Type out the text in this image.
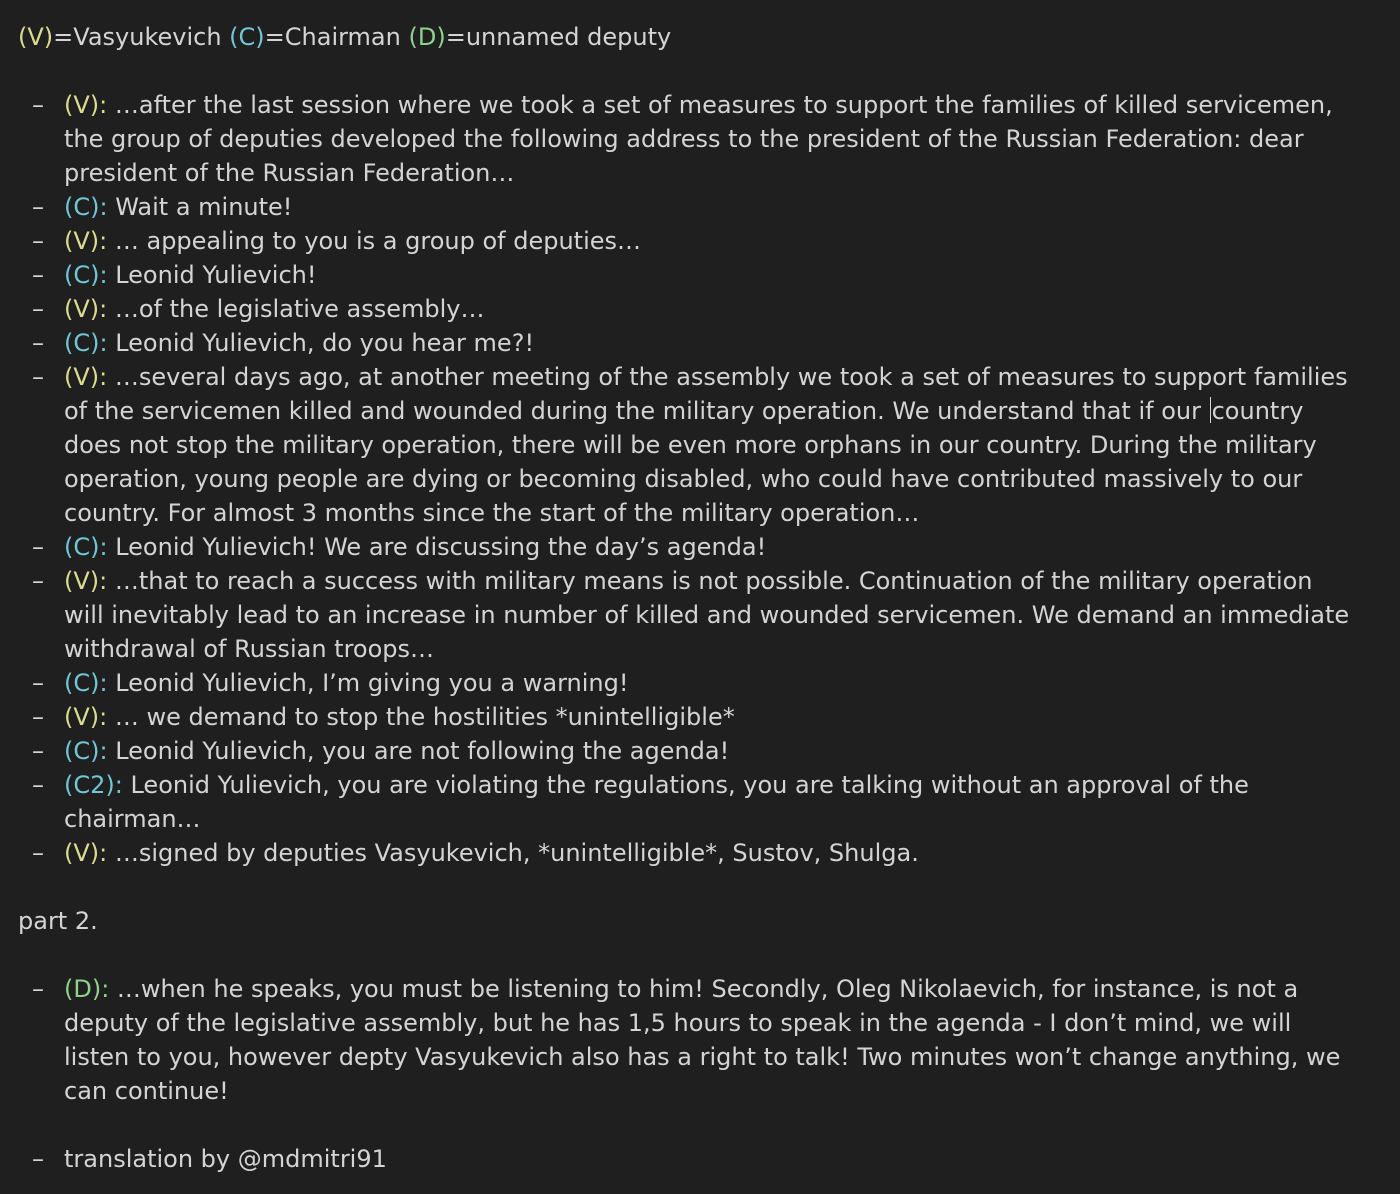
(V)=Vasyukevich (C)=Chairman (D)=unnamed deputy
– (V): …after the last session where we took a set of measures to support the families of killed servicemen, the group of deputies developed the following address to the president of the Russian Federation: dear president of the Russian Federation…
– (C): Wait a minute!
– (V): … appealing to you is a group of deputies…
– (C): Leonid Yulievich!
– (V): …of the legislative assembly…
– (C): Leonid Yulievich, do you hear me?!
– (V): …several days ago, at another meeting of the assembly we took a set of measures to support families of the servicemen killed and wounded during the military operation. We understand that if our country does not stop the military operation, there will be even more orphans in our country. During the military operation, young people are dying or becoming disabled, who could have contributed massively to our country. For almost 3 months since the start of the military operation…
– (C): Leonid Yulievich! We are discussing the day’s agenda!
– (V): …that to reach a success with military means is not possible. Continuation of the military operation will inevitably lead to an increase in number of killed and wounded servicemen. We demand an immediate withdrawal of Russian troops…
– (C): Leonid Yulievich, I’m giving you a warning!
– (V): … we demand to stop the hostilities *unintelligible*
– (C): Leonid Yulievich, you are not following the agenda!
– (C2): Leonid Yulievich, you are violating the regulations, you are talking without an approval of the chairman…
– (V): …signed by deputies Vasyukevich, *unintelligible*, Sustov, Shulga.
part 2.
– (D): …when he speaks, you must be listening to him! Secondly, Oleg Nikolaevich, for instance, is not a deputy of the legislative assembly, but he has 1,5 hours to speak in the agenda - I don’t mind, we will listen to you, however depty Vasyukevich also has a right to talk! Two minutes won’t change anything, we can continue!
– translation by @mdmitri91
